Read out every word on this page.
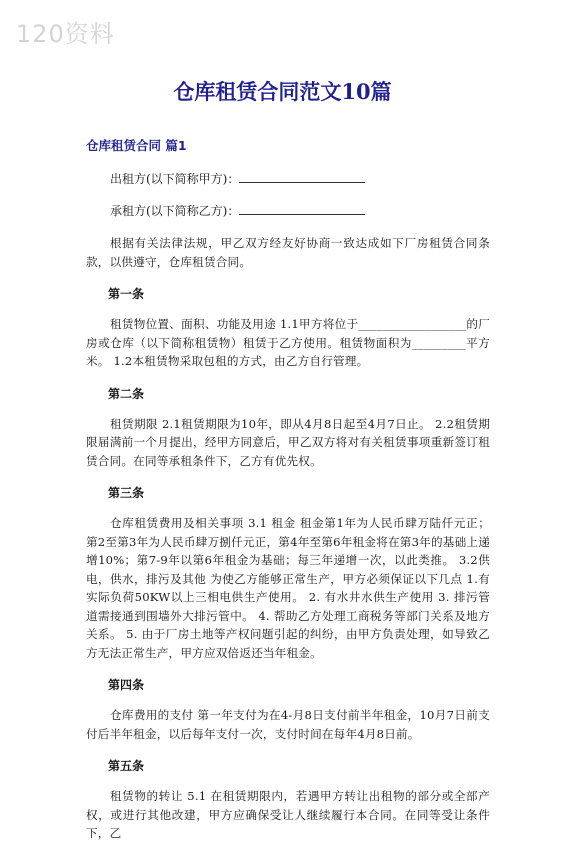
120资料
仓库租赁合同范文10篇
仓库租赁合同 篇1

出租方(以下简称甲方)：

承租方(以下简称乙方)：

根据有关法律法规，甲乙双方经友好协商一致达成如下厂房租赁合同条款，以供遵守，仓库租赁合同。

第一条

租赁物位置、面积、功能及用途 1.1甲方将位于__________________的厂房或仓库（以下简称租赁物）租赁于乙方使用。租赁物面积为_________平方米。 1.2本租赁物采取包租的方式，由乙方自行管理。

第二条

租赁期限 2.1租赁期限为10年，即从4月8日起至4月7日止。 2.2租赁期限届满前一个月提出，经甲方同意后，甲乙双方将对有关租赁事项重新签订租赁合同。在同等承租条件下，乙方有优先权。

第三条

仓库租赁费用及相关事项 3.1 租金 租金第1年为人民币肆万陆仟元正；第2至第3年为人民币肆万捌仟元正，第4年至第6年租金将在第3年的基础上递增10%；第7-9年以第6年租金为基础；每三年递增一次，以此类推。 3.2供电，供水，排污及其他 为使乙方能够正常生产，甲方必须保证以下几点 1.有实际负荷50KW以上三相电供生产使用。 2. 有水井水供生产使用 3. 排污管道需接通到围墙外大排污管中。 4. 帮助乙方处理工商税务等部门关系及地方关系。 5. 由于厂房土地等产权问题引起的纠纷，由甲方负责处理，如导致乙方无法正常生产，甲方应双倍返还当年租金。

第四条

仓库费用的支付 第一年支付为在4-月8日支付前半年租金，10月7日前支付后半年租金，以后每年支付一次，支付时间在每年4月8日前。

第五条

租赁物的转让 5.1 在租赁期限内，若遇甲方转让出租物的部分或全部产权，或进行其他改建，甲方应确保受让人继续履行本合同。在同等受让条件下，乙
